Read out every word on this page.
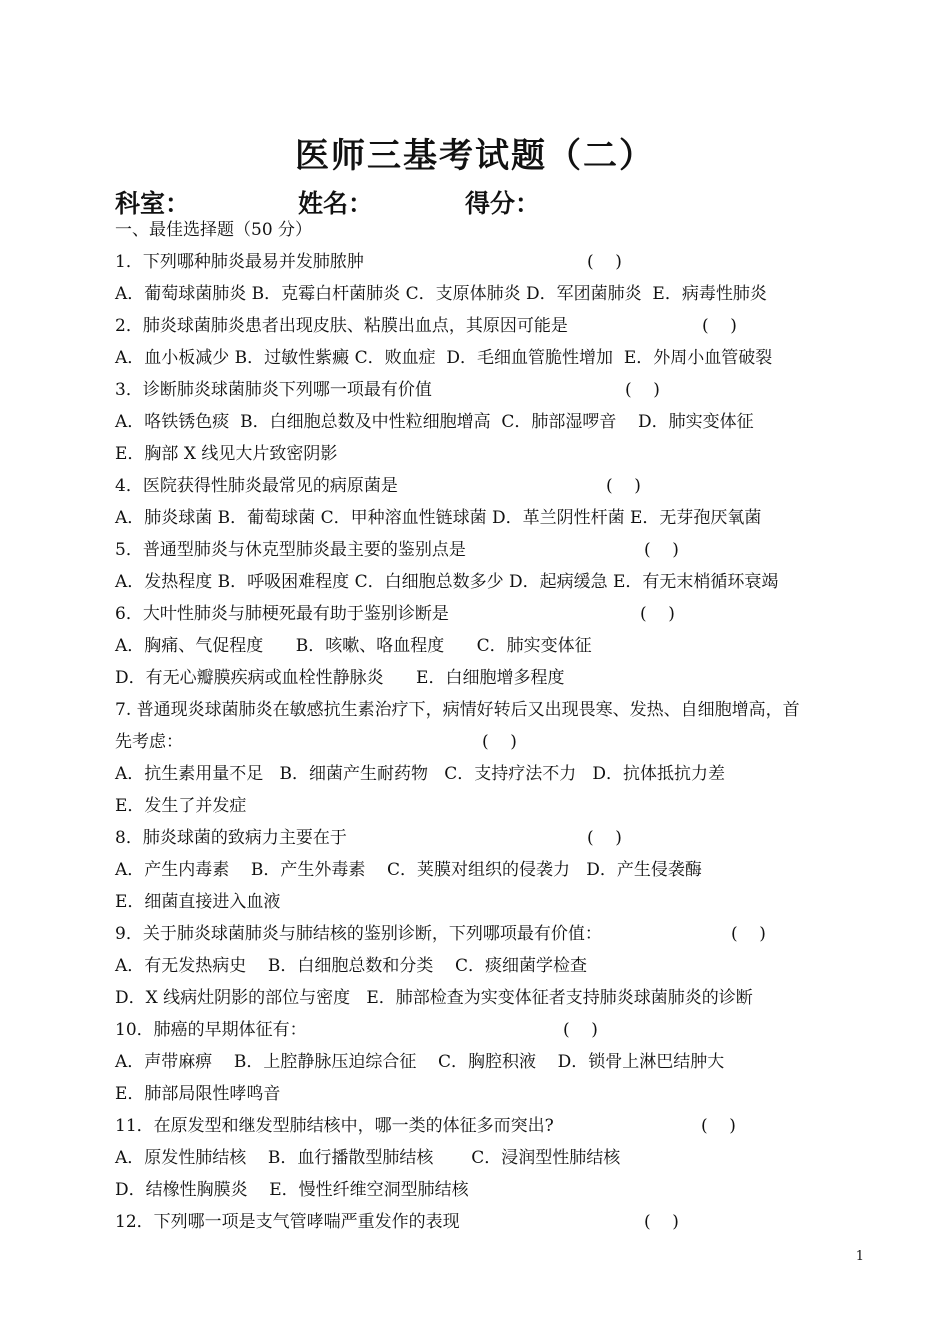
医师三基考试题（二）
科室：	姓名：	得分：
一、最佳选择题（50 分）
1．下列哪种肺炎最易并发肺脓肿	(    )
A．葡萄球菌肺炎 B．克霉白杆菌肺炎 C．支原体肺炎 D．军团菌肺炎  E．病毒性肺炎
2．肺炎球菌肺炎患者出现皮肤、粘膜出血点，其原因可能是	(    )
A．血小板减少 B．过敏性紫癜 C．败血症  D．毛细血管脆性增加  E．外周小血管破裂
3．诊断肺炎球菌肺炎下列哪一项最有价值	(    )
A．咯铁锈色痰  B．白细胞总数及中性粒细胞增高  C．肺部湿啰音    D．肺实变体征
E．胸部 X 线见大片致密阴影
4．医院获得性肺炎最常见的病原菌是	(    )
A．肺炎球菌 B．葡萄球菌 C．甲种溶血性链球菌 D．革兰阴性杆菌 E．无芽孢厌氧菌
5．普通型肺炎与休克型肺炎最主要的鉴别点是	(    )
A．发热程度 B．呼吸困难程度 C．白细胞总数多少 D．起病缓急 E．有无末梢循环衰竭
6．大叶性肺炎与肺梗死最有助于鉴别诊断是	(    )
A．胸痛、气促程度      B．咳嗽、咯血程度      C．肺实变体征
D．有无心瓣膜疾病或血栓性静脉炎      E．白细胞增多程度
7. 普通现炎球菌肺炎在敏感抗生素治疗下，病情好转后又出现畏寒、发热、自细胞增高，首
先考虑：	(    )
A．抗生素用量不足   B．细菌产生耐药物   C．支持疗法不力   D．抗体抵抗力差
E．发生了并发症
8．肺炎球菌的致病力主要在于	(    )
A．产生内毒素    B．产生外毒素    C．荚膜对组织的侵袭力   D．产生侵袭酶
E．细菌直接进入血液
9．关于肺炎球菌肺炎与肺结核的鉴别诊断，下列哪项最有价值：	(    )
A．有无发热病史    B．白细胞总数和分类    C．痰细菌学检查
D．X 线病灶阴影的部位与密度   E．肺部检查为实变体征者支持肺炎球菌肺炎的诊断
10．肺癌的早期体征有：	(    )
A．声带麻痹    B．上腔静脉压迫综合征    C．胸腔积液    D．锁骨上淋巴结肿大
E．肺部局限性哮鸣音
11．在原发型和继发型肺结核中，哪一类的体征多而突出?	(    )
A．原发性肺结核    B．血行播散型肺结核       C．浸润型性肺结核
D．结橡性胸膜炎    E．慢性纤维空洞型肺结核
12．下列哪一项是支气管哮喘严重发作的表现	(    )
1
